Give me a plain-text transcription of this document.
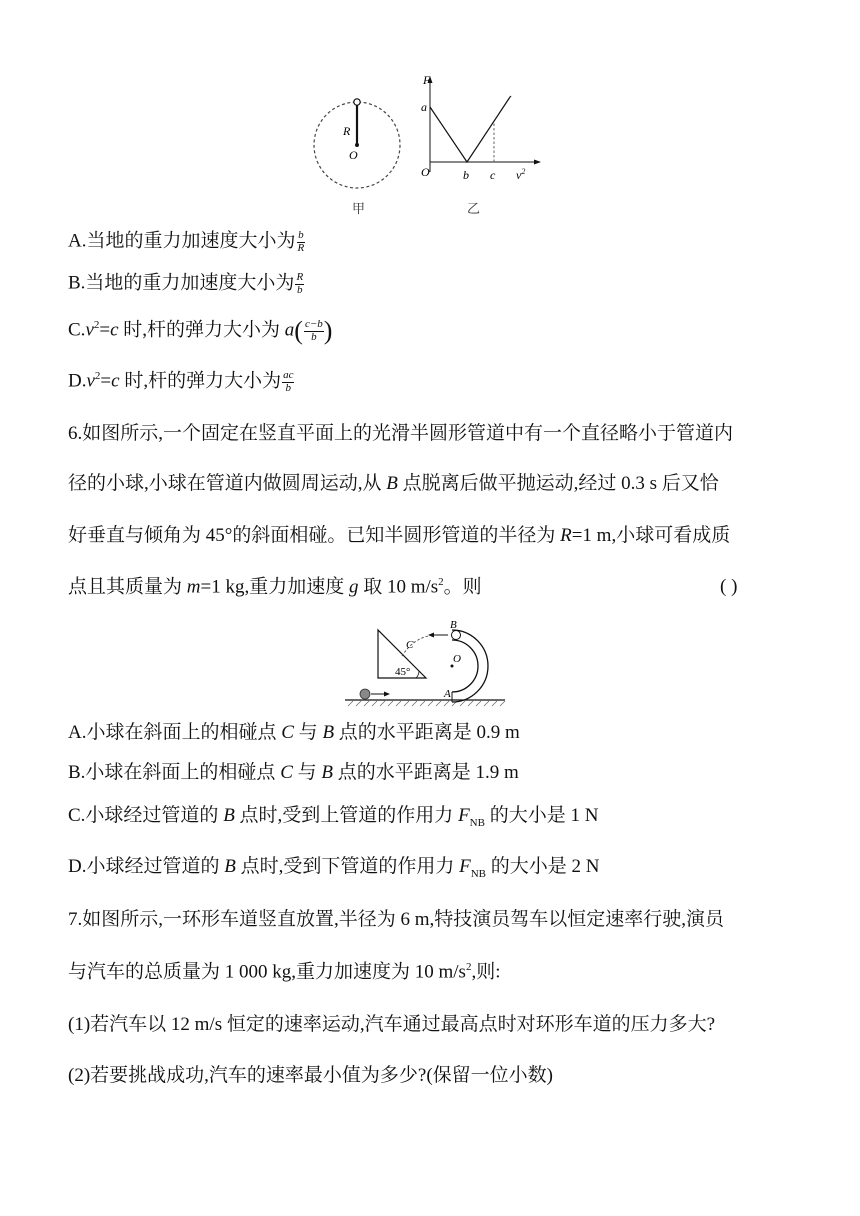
R
O
甲
F
a
O	b c $v^2$
乙
A.当地的重力加速度大小为 $\frac{b}{R}$
B.当地的重力加速度大小为 $\frac{R}{b}$
$C.v^2=c$ 时,杆的弹力大小为 $a( \frac{c-b}{b}$ )
$D.v^2=c$ 时,杆的弹力大小为 $\frac{ac}{b}$
6.如图所示,一个固定在竖直平面上的光滑半圆形管道中有一个直径略小于管道内
径的小球,小球在管道内做圆周运动,从 B 点脱离后做平抛运动,经过 0.3 s 后又恰
好垂直与倾角为 45°的斜面相碰。已知半圆形管道的半径为 R=1 m,小球可看成质
点且其质量为 m=1 kg,重力加速度 g 取 10 $m/s^2$。则	( )
45°
B
C
O
A
A.小球在斜面上的相碰点 C 与 B 点的水平距离是 0.9 m
B.小球在斜面上的相碰点 C 与 B 点的水平距离是 1.9 m
C.小球经过管道的 B 点时,受到上管道的作用力 $F_{NB}$ 的大小是 1 N
D.小球经过管道的 B 点时,受到下管道的作用力 $F_{NB}$ 的大小是 2 N
7.如图所示,一环形车道竖直放置,半径为 6 m,特技演员驾车以恒定速率行驶,演员
与汽车的总质量为 1 000 kg,重力加速度为 10 $m/s^2$,则:
(1)若汽车以 12 m/s 恒定的速率运动,汽车通过最高点时对环形车道的压力多大?
(2)若要挑战成功,汽车的速率最小值为多少?(保留一位小数)
